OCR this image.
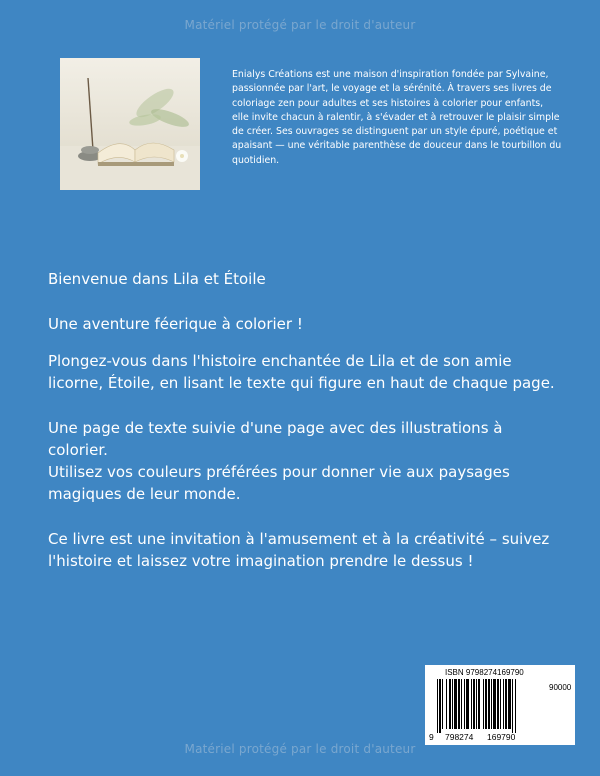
Matériel protégé par le droit d'auteur
Enialys Créations est une maison d'inspiration fondée par Sylvaine, passionnée par l'art, le voyage et la sérénité. À travers ses livres de coloriage zen pour adultes et ses histoires à colorier pour enfants, elle invite chacun à ralentir, à s'évader et à retrouver le plaisir simple de créer. Ses ouvrages se distinguent par un style épuré, poétique et apaisant — une véritable parenthèse de douceur dans le tourbillon du quotidien.

Bienvenue dans Lila et Étoile

Une aventure féerique à colorier !

Plongez-vous dans l'histoire enchantée de Lila et de son amie licorne, Étoile, en lisant le texte qui figure en haut de chaque page.

Une page de texte suivie d'une page avec des illustrations à colorier.

Utilisez vos couleurs préférées pour donner vie aux paysages magiques de leur monde.

Ce livre est une invitation à l'amusement et à la créativité – suivez l'histoire et laissez votre imagination prendre le dessus !

ISBN 9798274169790
90000
9 798274 169790
Matériel protégé par le droit d'auteur
